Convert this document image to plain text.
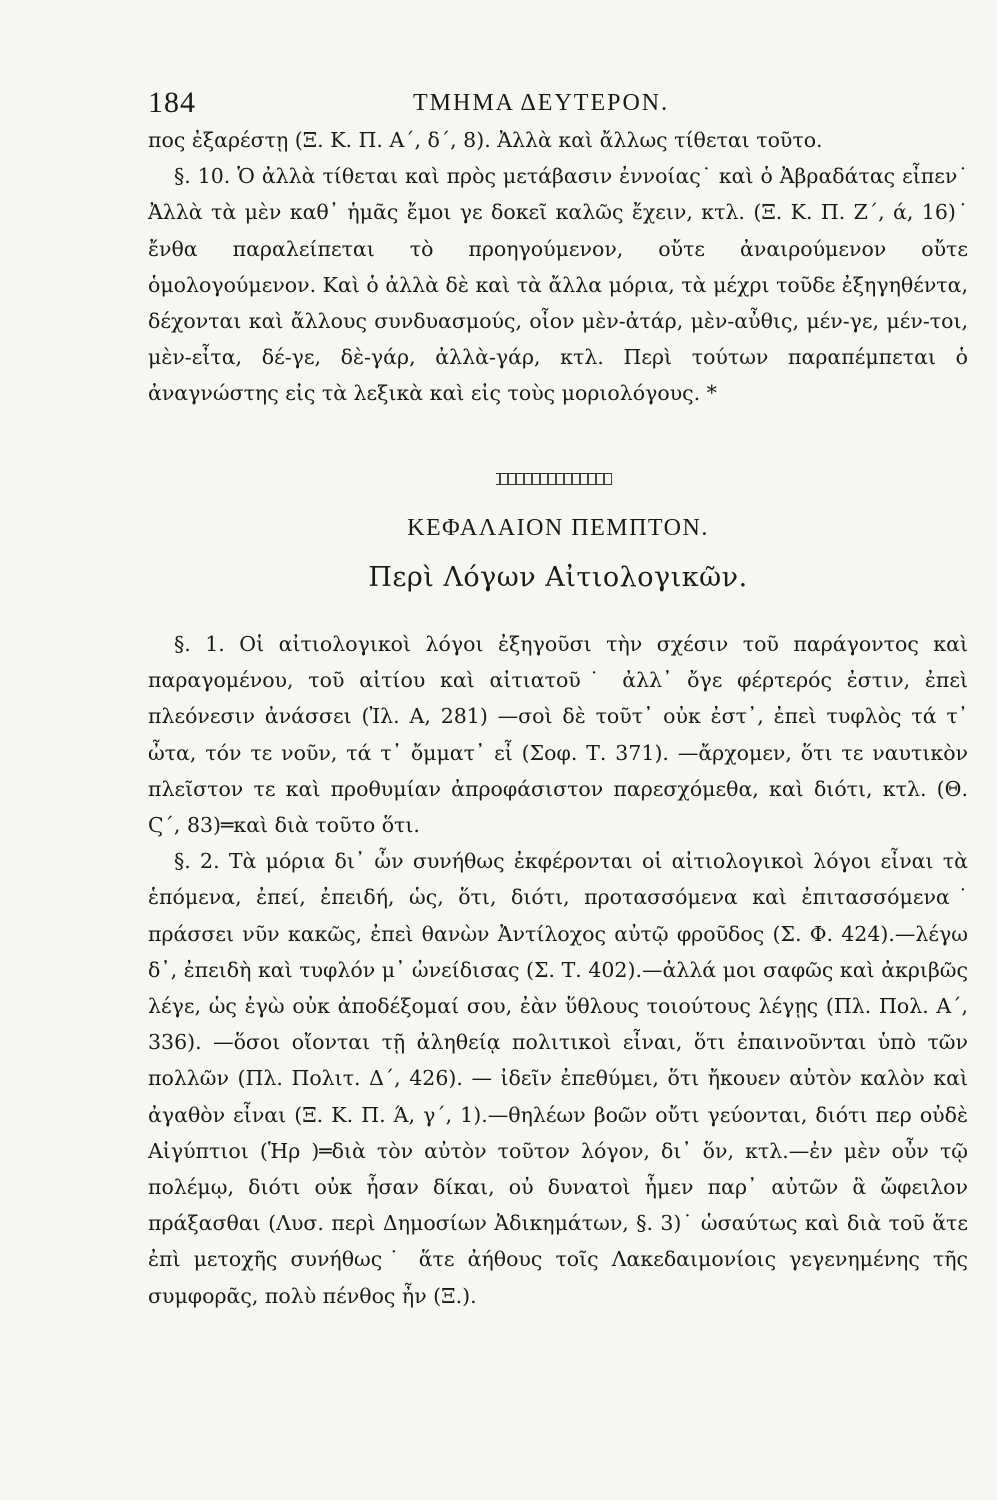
184	ΤΜΗΜΑ ΔΕΥΤΕΡΟΝ.

πος ἐξαρέστῃ (Ξ. Κ. Π. Α΄, δ΄, 8). Ἀλλὰ καὶ ἄλλως τίθεται τοῦτο.

§. 10. Ὁ ἀλλὰ τίθεται καὶ πρὸς μετάβασιν ἐννοίας˙ καὶ ὁ Ἀβραδάτας εἶπεν˙ Ἀλλὰ τὰ μὲν καθ᾽ ἡμᾶς ἔμοι γε δοκεῖ καλῶς ἔχειν, κτλ. (Ξ. Κ. Π. Ζ΄, ά, 16)˙ ἔνθα παραλείπεται τὸ προηγούμενον, οὔτε ἀναιρούμενον οὔτε ὁμολογούμενον. Καὶ ὁ ἀλλὰ δὲ καὶ τὰ ἄλλα μόρια, τὰ μέχρι τοῦδε ἐξηγηθέντα, δέχονται καὶ ἄλλους συνδυασμούς, οἷον μὲν-ἀτάρ, μὲν-αὖθις, μέν-γε, μέν-τοι, μὲν-εἶτα, δέ-γε, δὲ-γάρ, ἀλλὰ-γάρ, κτλ. Περὶ τούτων παραπέμπεται ὁ ἀναγνώστης εἰς τὰ λεξικὰ καὶ εἰς τοὺς μοριολόγους. *

ΚΕΦΑΛΑΙΟΝ ΠΕΜΠΤΟΝ.
Περὶ Λόγων Αἰτιολογικῶν.

§. 1. Οἱ αἰτιολογικοὶ λόγοι ἐξηγοῦσι τὴν σχέσιν τοῦ παράγοντος καὶ παραγομένου, τοῦ αἰτίου καὶ αἰτιατοῦ˙ ἀλλ᾽ ὄγε φέρτερός ἐστιν, ἐπεὶ πλεόνεσιν ἀνάσσει (Ἰλ. Α, 281) —σοὶ δὲ τοῦτ᾽ οὐκ ἐστ᾽, ἐπεὶ τυφλὸς τά τ᾽ ὦτα, τόν τε νοῦν, τά τ᾽ ὄμματ᾽ εἶ (Σοφ. Τ. 371). —ἄρχομεν, ὅτι τε ναυτικὸν πλεῖστον τε καὶ προθυμίαν ἀπροφάσιστον παρεσχόμεθα, καὶ διότι, κτλ. (Θ. Ϛ΄, 83)═καὶ διὰ τοῦτο ὅτι.

§. 2. Τὰ μόρια δι᾽ ὧν συνήθως ἐκφέρονται οἱ αἰτιολογικοὶ λόγοι εἶναι τὰ ἑπόμενα, ἐπεί, ἐπειδή, ὡς, ὅτι, διότι, προτασσόμενα καὶ ἐπιτασσόμενα˙ πράσσει νῦν κακῶς, ἐπεὶ θανὼν Ἀντίλοχος αὐτῷ φροῦδος (Σ. Φ. 424).—λέγω δ᾽, ἐπειδὴ καὶ τυφλόν μ᾽ ὠνείδισας (Σ. Τ. 402).—ἀλλά μοι σαφῶς καὶ ἀκριβῶς λέγε, ὡς ἐγὼ οὐκ ἀποδέξομαί σου, ἐὰν ὕθλους τοιούτους λέγῃς (Πλ. Πολ. Α΄, 336). —ὅσοι οἴονται τῇ ἀληθείᾳ πολιτικοὶ εἶναι, ὅτι ἐπαινοῦνται ὑπὸ τῶν πολλῶν (Πλ. Πολιτ. Δ΄, 426). — ἰδεῖν ἐπεθύμει, ὅτι ἤκουεν αὐτὸν καλὸν καὶ ἀγαθὸν εἶναι (Ξ. Κ. Π. Ά, γ΄, 1).—θηλέων βοῶν οὔτι γεύονται, διότι περ οὐδὲ Αἰγύπτιοι (Ἡρ )═διὰ τὸν αὐτὸν τοῦτον λόγον, δι᾽ ὅν, κτλ.—ἐν μὲν οὖν τῷ πολέμῳ, διότι οὐκ ἦσαν δίκαι, οὐ δυνατοὶ ἦμεν παρ᾽ αὐτῶν ἃ ὤφειλον πράξασθαι (Λυσ. περὶ Δημοσίων Ἀδικημάτων, §. 3)˙ ὡσαύτως καὶ διὰ τοῦ ἅτε ἐπὶ μετοχῆς συνήθως˙ ἅτε ἀήθους τοῖς Λακεδαιμονίοις γεγενημένης τῆς συμφορᾶς, πολὺ πένθος ἦν (Ξ.).
